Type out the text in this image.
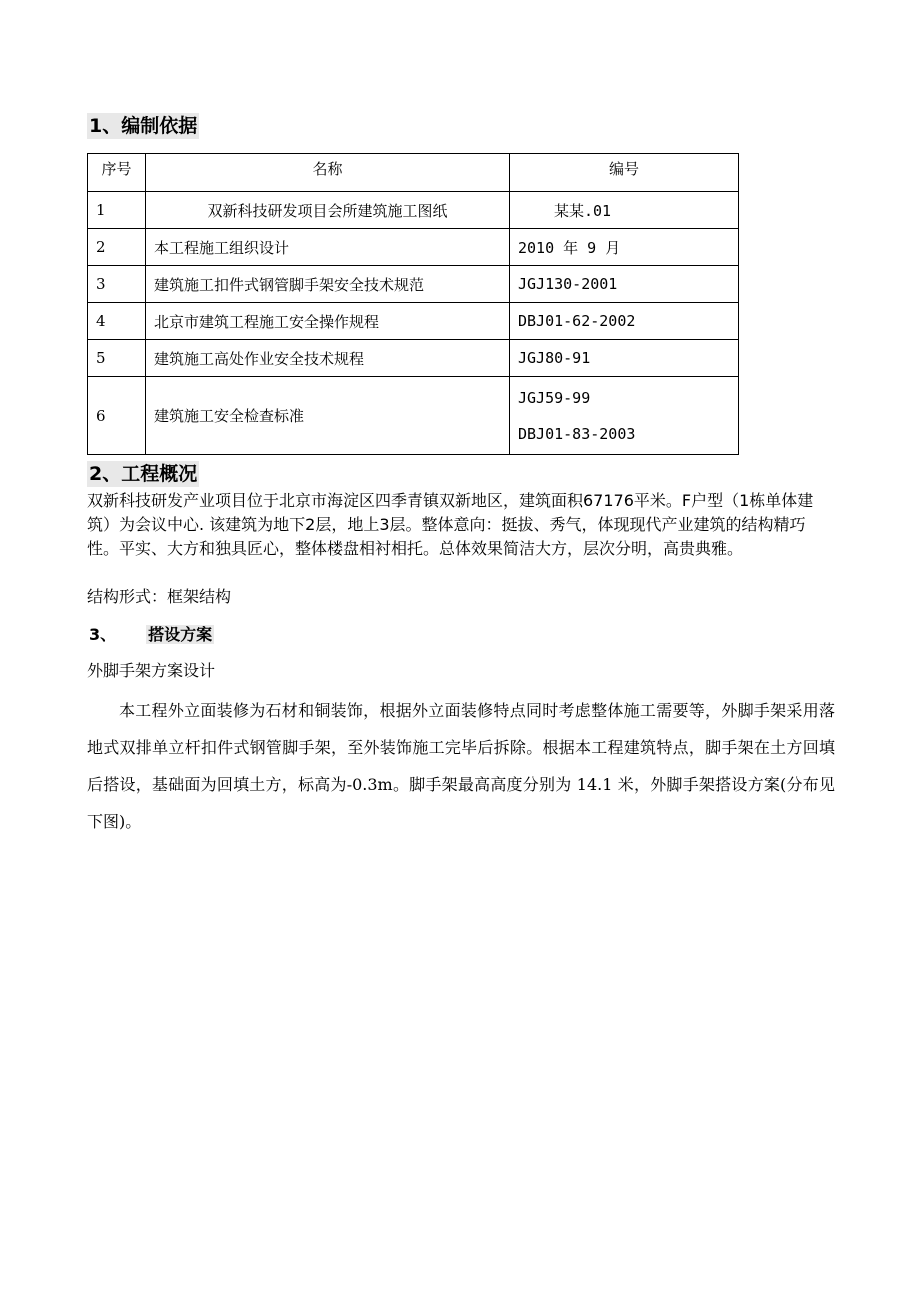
1、编制依据
序号	名称	编号
1	双新科技研发项目会所建筑施工图纸	某某.01
2	本工程施工组织设计	2010 年 9 月
3	建筑施工扣件式钢管脚手架安全技术规范	JGJ130-2001
4	北京市建筑工程施工安全操作规程	DBJ01-62-2002
5	建筑施工高处作业安全技术规程	JGJ80-91
6	建筑施工安全检查标准	JGJ59-99
DBJ01-83-2003
2、工程概况
双新科技研发产业项目位于北京市海淀区四季青镇双新地区，建筑面积67176平米。F户型（1栋单体建筑）为会议中心. 该建筑为地下2层，地上3层。整体意向：挺拔、秀气，体现现代产业建筑的结构精巧性。平实、大方和独具匠心，整体楼盘相衬相托。总体效果简洁大方，层次分明，高贵典雅。
结构形式：框架结构
3、 搭设方案
外脚手架方案设计
本工程外立面装修为石材和铜装饰，根据外立面装修特点同时考虑整体施工需要等，外脚手架采用落地式双排单立杆扣件式钢管脚手架，至外装饰施工完毕后拆除。根据本工程建筑特点，脚手架在土方回填后搭设，基础面为回填土方，标高为-0.3m。脚手架最高高度分别为 14.1 米，外脚手架搭设方案(分布见下图)。
